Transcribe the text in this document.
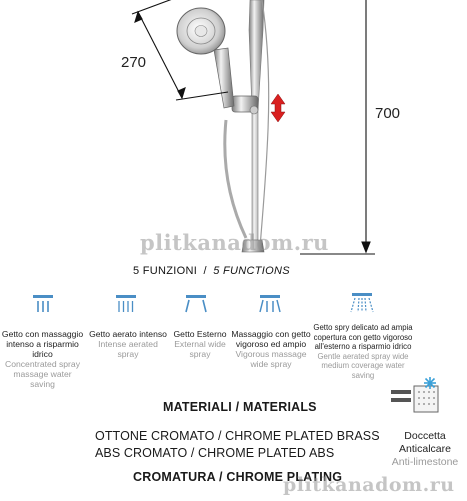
270
700
5 FUNZIONI / 5 FUNCTIONS
Getto con massaggio
intenso a risparmio
idrico
Concentrated spray
massage water
saving
Getto aerato intenso
Intense aerated
spray
Getto Esterno
External wide
spray
Massaggio con getto
vigoroso ed ampio
Vigorous massage
wide spray
Getto spry delicato ad ampia
copertura con getto vigoroso
all'esterno a risparmio idrico
Gentle aerated spray wide
medium coverage water
saving
MATERIALI / MATERIALS
OTTONE CROMATO / CHROME PLATED BRASS
ABS CROMATO / CHROME PLATED ABS
CROMATURA / CHROME PLATING
Doccetta
Anticalcare
Anti-limestone
plitkanadom.ru
plitkanadom.ru
